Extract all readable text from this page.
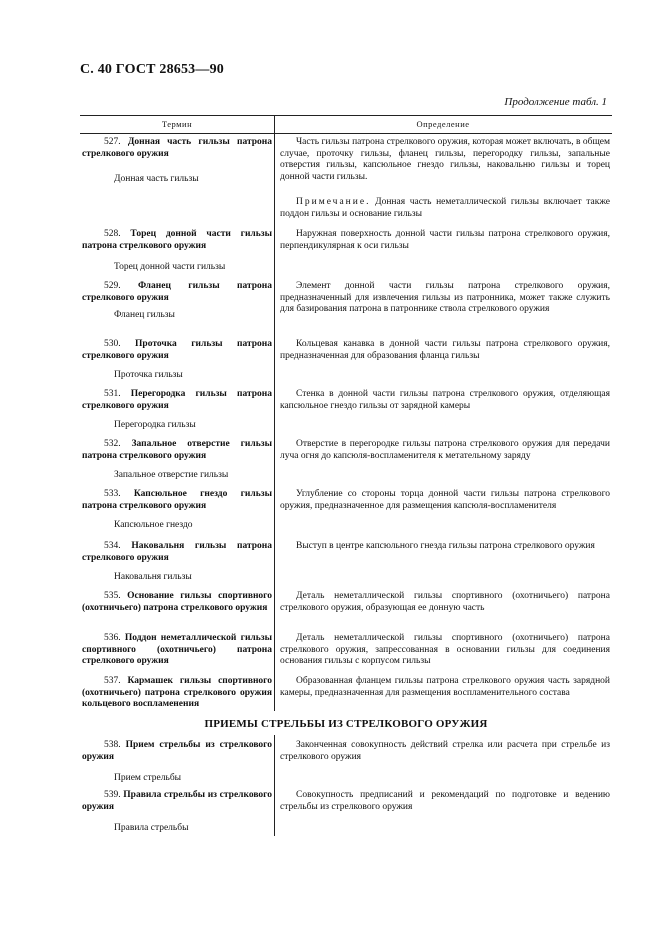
С. 40 ГОСТ 28653—90
Продолжение табл. 1
Термин	Определение
527. Донная часть гильзы патрона стрелкового оружия
Донная часть гильзы
Часть гильзы патрона стрелкового оружия, которая может включать, в общем случае, проточку гильзы, фланец гильзы, перегородку гильзы, запальные отверстия гильзы, капсюльное гнездо гильзы, наковальню гильзы и торец донной части гильзы.
Примечание. Донная часть неметаллической гильзы включает также поддон гильзы и основание гильзы
528. Торец донной части гильзы патрона стрелкового оружия
Торец донной части гильзы
Наружная поверхность донной части гильзы патрона стрелкового оружия, перпендикулярная к оси гильзы
529. Фланец гильзы патрона стрелкового оружия
Фланец гильзы
Элемент донной части гильзы патрона стрелкового оружия, предназначенный для извлечения гильзы из патронника, может также служить для базирования патрона в патроннике ствола стрелкового оружия
530. Проточка гильзы патрона стрелкового оружия
Проточка гильзы
Кольцевая канавка в донной части гильзы патрона стрелкового оружия, предназначенная для образования фланца гильзы
531. Перегородка гильзы патрона стрелкового оружия
Перегородка гильзы
Стенка в донной части гильзы патрона стрелкового оружия, отделяющая капсюльное гнездо гильзы от зарядной камеры
532. Запальное отверстие гильзы патрона стрелкового оружия
Запальное отверстие гильзы
Отверстие в перегородке гильзы патрона стрелкового оружия для передачи луча огня до капсюля-воспламенителя к метательному заряду
533. Капсюльное гнездо гильзы патрона стрелкового оружия
Капсюльное гнездо
Углубление со стороны торца донной части гильзы патрона стрелкового оружия, предназначенное для размещения капсюля-воспламенителя
534. Наковальня гильзы патрона стрелкового оружия
Наковальня гильзы
Выступ в центре капсюльного гнезда гильзы патрона стрелкового оружия
535. Основание гильзы спортивного (охотничьего) патрона стрелкового оружия
Деталь неметаллической гильзы спортивного (охотничьего) патрона стрелкового оружия, образующая ее донную часть
536. Поддон неметаллической гильзы спортивного (охотничьего) патрона стрелкового оружия
Деталь неметаллической гильзы спортивного (охотничьего) патрона стрелкового оружия, запрессованная в основании гильзы для соединения основания гильзы с корпусом гильзы
537. Кармашек гильзы спортивного (охотничьего) патрона стрелкового оружия кольцевого воспламенения
Образованная фланцем гильзы патрона стрелкового оружия часть зарядной камеры, предназначенная для размещения воспламенительного состава
ПРИЕМЫ СТРЕЛЬБЫ ИЗ СТРЕЛКОВОГО ОРУЖИЯ
538. Прием стрельбы из стрелкового оружия
Прием стрельбы
Законченная совокупность действий стрелка или расчета при стрельбе из стрелкового оружия
539. Правила стрельбы из стрелкового оружия
Правила стрельбы
Совокупность предписаний и рекомендаций по подготовке и ведению стрельбы из стрелкового оружия
